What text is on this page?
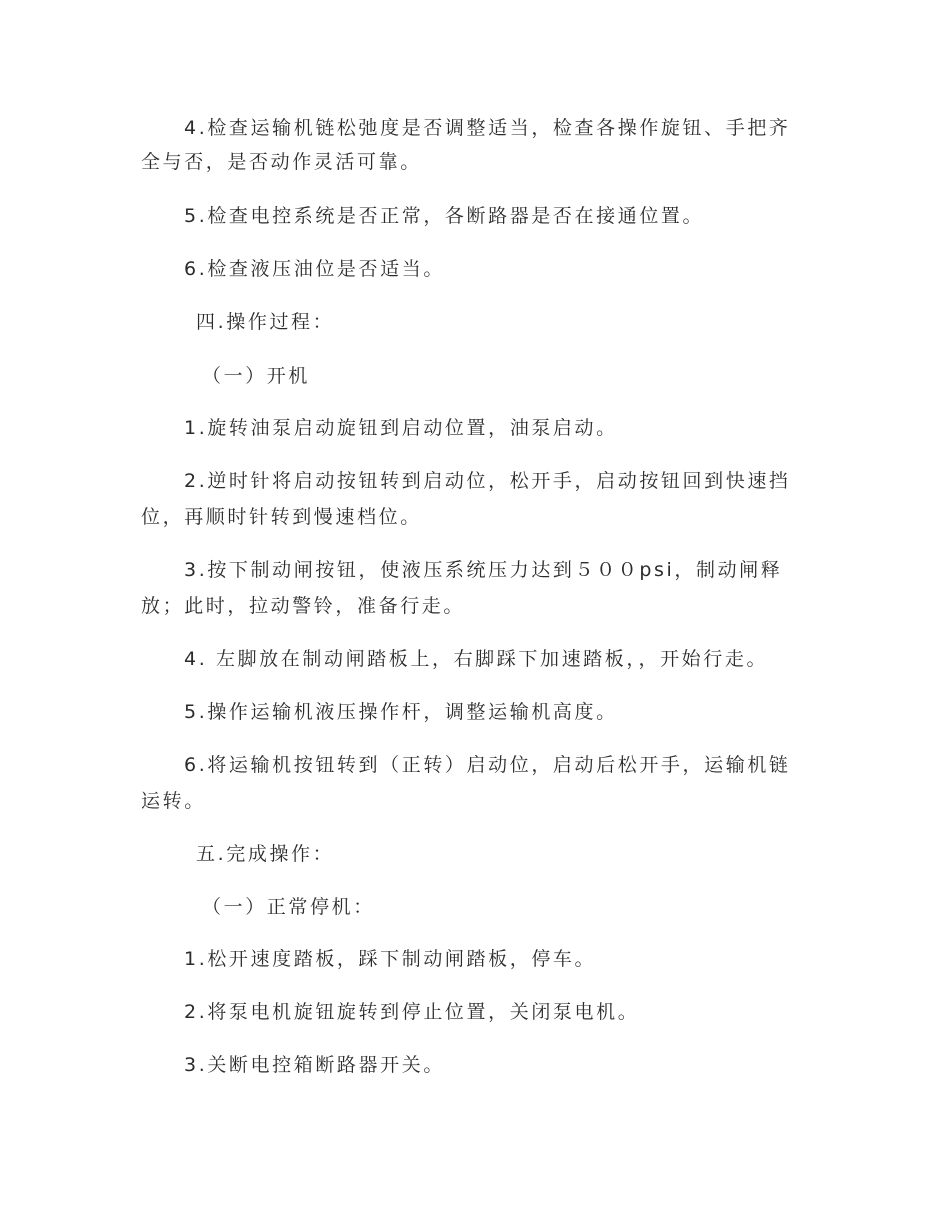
4.检查运输机链松弛度是否调整适当，检查各操作旋钮、手把齐
全与否，是否动作灵活可靠。
5.检查电控系统是否正常，各断路器是否在接通位置。
6.检查液压油位是否适当。
四.操作过程：
（一）开机
1.旋转油泵启动旋钮到启动位置，油泵启动。
2.逆时针将启动按钮转到启动位，松开手，启动按钮回到快速挡
位，再顺时针转到慢速档位。
3.按下制动闸按钮，使液压系统压力达到５００psi，制动闸释
放；此时，拉动警铃，准备行走。
4. 左脚放在制动闸踏板上，右脚踩下加速踏板，，开始行走。
5.操作运输机液压操作杆，调整运输机高度。
6.将运输机按钮转到（正转）启动位，启动后松开手，运输机链
运转。
五.完成操作：
（一）正常停机：
1.松开速度踏板，踩下制动闸踏板，停车。
2.将泵电机旋钮旋转到停止位置，关闭泵电机。
3.关断电控箱断路器开关。
